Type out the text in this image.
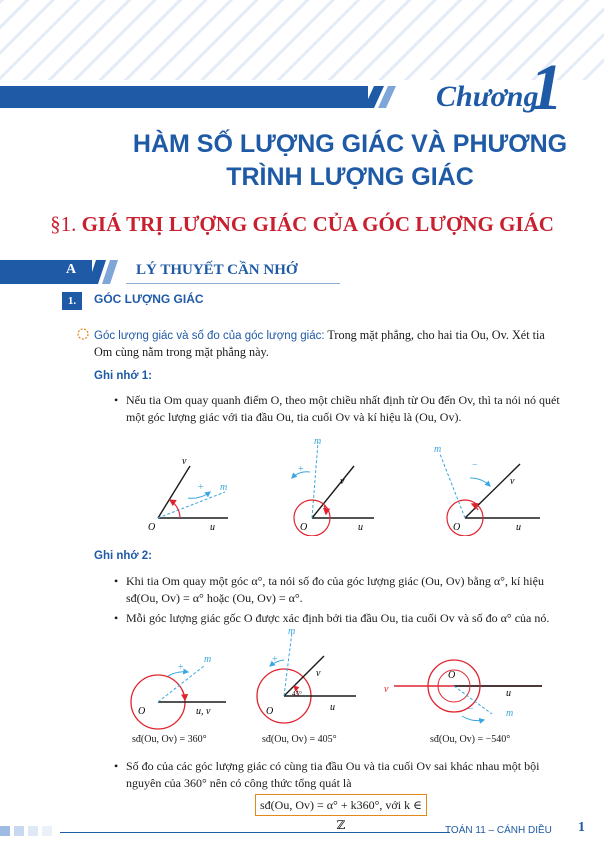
Chương
1
HÀM SỐ LƯỢNG GIÁC VÀ PHƯƠNG
TRÌNH LƯỢNG GIÁC
§1. GIÁ TRỊ LƯỢNG GIÁC CỦA GÓC LƯỢNG GIÁC
A	LÝ THUYẾT CẦN NHỚ
1.	GÓC LƯỢNG GIÁC
Góc lượng giác và số đo của góc lượng giác: Trong mặt phẳng, cho hai tia Ou, Ov. Xét tia
Om cùng nằm trong mặt phẳng này.
Ghi nhớ 1:
• Nếu tia Om quay quanh điểm O, theo một chiều nhất định từ Ou đến Ov, thì ta nói nó quét
một góc lượng giác với tia đầu Ou, tia cuối Ov và kí hiệu là (Ou, Ov).
O	u
v
m
+
O	u
v
m
+
O	u
v
m
−
Ghi nhớ 2:
• Khi tia Om quay một góc α°, ta nói số đo của góc lượng giác (Ou, Ov) bằng α°, kí hiệu
sđ(Ou, Ov) = α° hoặc (Ou, Ov) = α°.
• Mỗi góc lượng giác gốc O được xác định bởi tia đầu Ou, tia cuối Ov và số đo α° của nó.
O	u, v
m
+
O	u
v
m
+
45°
O
u
v
m
−
sđ(Ou, Ov) = 360°	sđ(Ou, Ov) = 405°	sđ(Ou, Ov) = −540°
• Số đo của các góc lượng giác có cùng tia đầu Ou và tia cuối Ov sai khác nhau một bội
nguyên của 360° nên có công thức tổng quát là
sđ(Ou, Ov) = α° + k360°, với k ∈ ℤ	TOÁN 11 – CÁNH DIỀU 1
